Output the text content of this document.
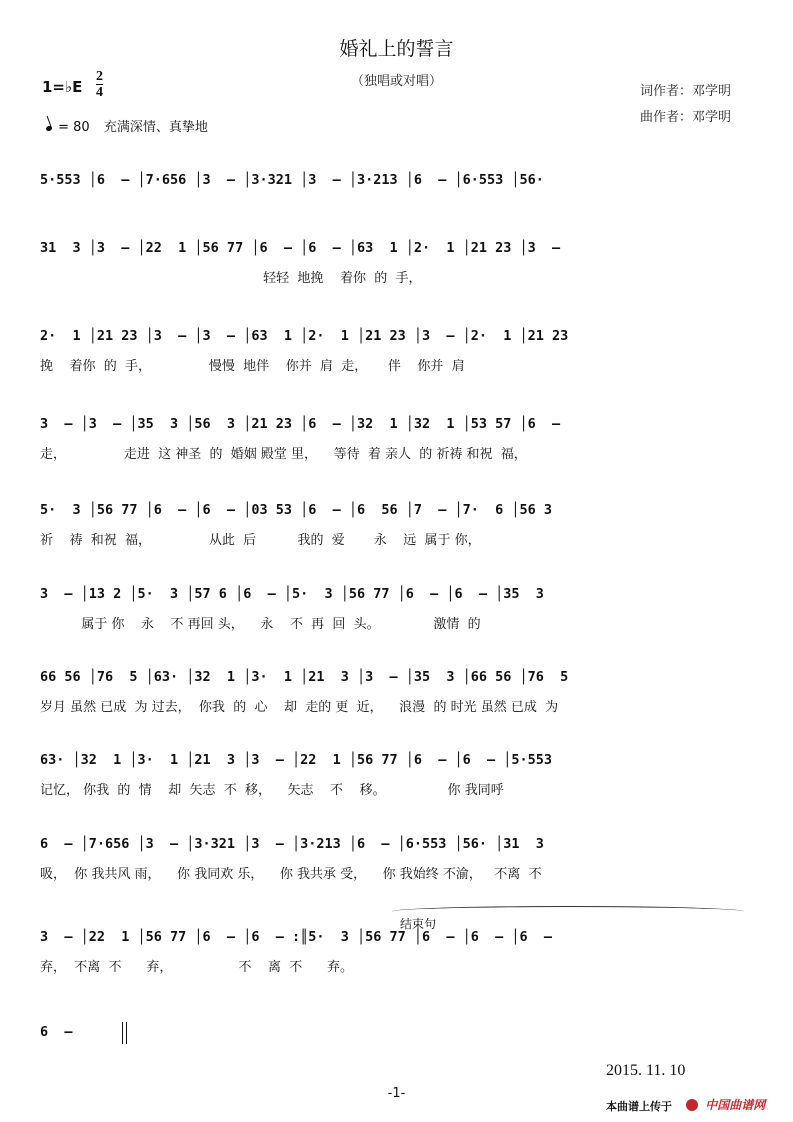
婚礼上的誓言
（独唱或对唱）
词作者：邓学明
曲作者：邓学明
1=♭E
2
4
= 80 充满深情、真挚地
5·553 │6  – │7·656 │3  – │3·321 │3  – │3·213 │6  – │6·553 │56·
31  3 │3  – │22  1 │56 77 │6  – │6  – │63  1 │2·  1 │21 23 │3  –
轻轻  地挽    着你  的  手，
2·  1 │21 23 │3  – │3  – │63  1 │2·  1 │21 23 │3  – │2·  1 │21 23
挽    着你  的  手，              慢慢  地伴    你并  肩  走，     伴    你并  肩
3  – │3  – │35  3 │56  3 │21 23 │6  – │32  1 │32  1 │53 57 │6  –
走，              走进  这 神圣  的  婚姻 殿堂 里，    等待  着 亲人  的 祈祷 和祝  福，
5·  3 │56 77 │6  – │6  – │03 53 │6  – │6  56 │7  – │7·  6 │56 3
祈    祷  和祝  福，              从此  后          我的  爱       永    远  属于 你，
3  – │13 2 │5·  3 │57 6 │6  – │5·  3 │56 77 │6  – │6  – │35  3
属于 你    永    不 再回 头，    永    不  再  回  头。             激情  的
66 56 │76  5 │63· │32  1 │3·  1 │21  3 │3  – │35  3 │66 56 │76  5
岁月 虽然 已成  为 过去，  你我  的  心    却  走的 更  近，    浪漫  的 时光 虽然 已成  为
63· │32  1 │3·  1 │21  3 │3  – │22  1 │56 77 │6  – │6  – │5·553
记忆， 你我  的  情    却  矢志  不  移，    矢志    不    移。               你 我同呼
6  – │7·656 │3  – │3·321 │3  – │3·213 │6  – │6·553 │56· │31  3
吸，  你 我共风 雨，    你 我同欢 乐，    你 我共承 受，    你 我始终 不渝，   不离  不
3  – │22  1 │56 77 │6  – │6  – :║5·  3 │56 77 │6  – │6  – │6  –
弃，  不离  不      弃，                不    离  不      弃。
6  –
结束句
2015. 11. 10
-1-
本曲谱上传于	中国曲谱网
